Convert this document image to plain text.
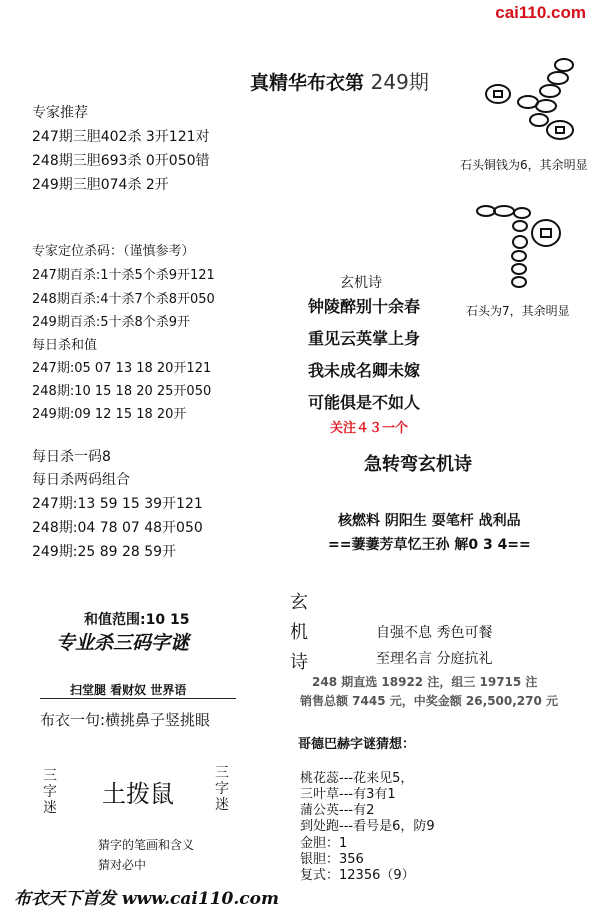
cai110.com
真精华布衣第 249期
专家推荐
247期三胆402杀 3开121对
248期三胆693杀 0开050错
249期三胆074杀 2开
石头铜钱为6，其余明显
专家定位杀码：（谨慎参考）
247期百杀:1十杀5个杀9开121
248期百杀:4十杀7个杀8开050
249期百杀:5十杀8个杀9开
每日杀和值
247期:05 07 13 18 20开121
248期:10 15 18 20 25开050
249期:09 12 15 18 20开
石头为7，其余明显
玄机诗
钟陵醉别十余春
重见云英掌上身
我未成名卿未嫁
可能俱是不如人
关注４３一个
急转弯玄机诗
核燃料 阴阳生 耍笔杆 战利品
==萋萋芳草忆王孙 解0 3 4==
每日杀一码8
每日杀两码组合
247期:13 59 15 39开121
248期:04 78 07 48开050
249期:25 89 28 59开
和值范围:10 15
专业杀三码字谜
扫堂腿 看财奴 世界语
布衣一句:横挑鼻子竖挑眼
三
字
迷 土拨鼠
三
字
迷
猜字的笔画和含义
猜对必中
玄
机
诗
自强不息 秀色可餐
至理名言 分庭抗礼
248 期直选 18922 注，组三 19715 注
销售总额 7445 元，中奖金额 26,500,270 元
哥德巴赫字谜猜想：
桃花蕊---花来见5，
三叶草---有3有1
蒲公英---有2
到处跑---看号是6，防9
金胆：1
银胆：356
复式：12356（9）
布衣天下首发 www.cai110.com
